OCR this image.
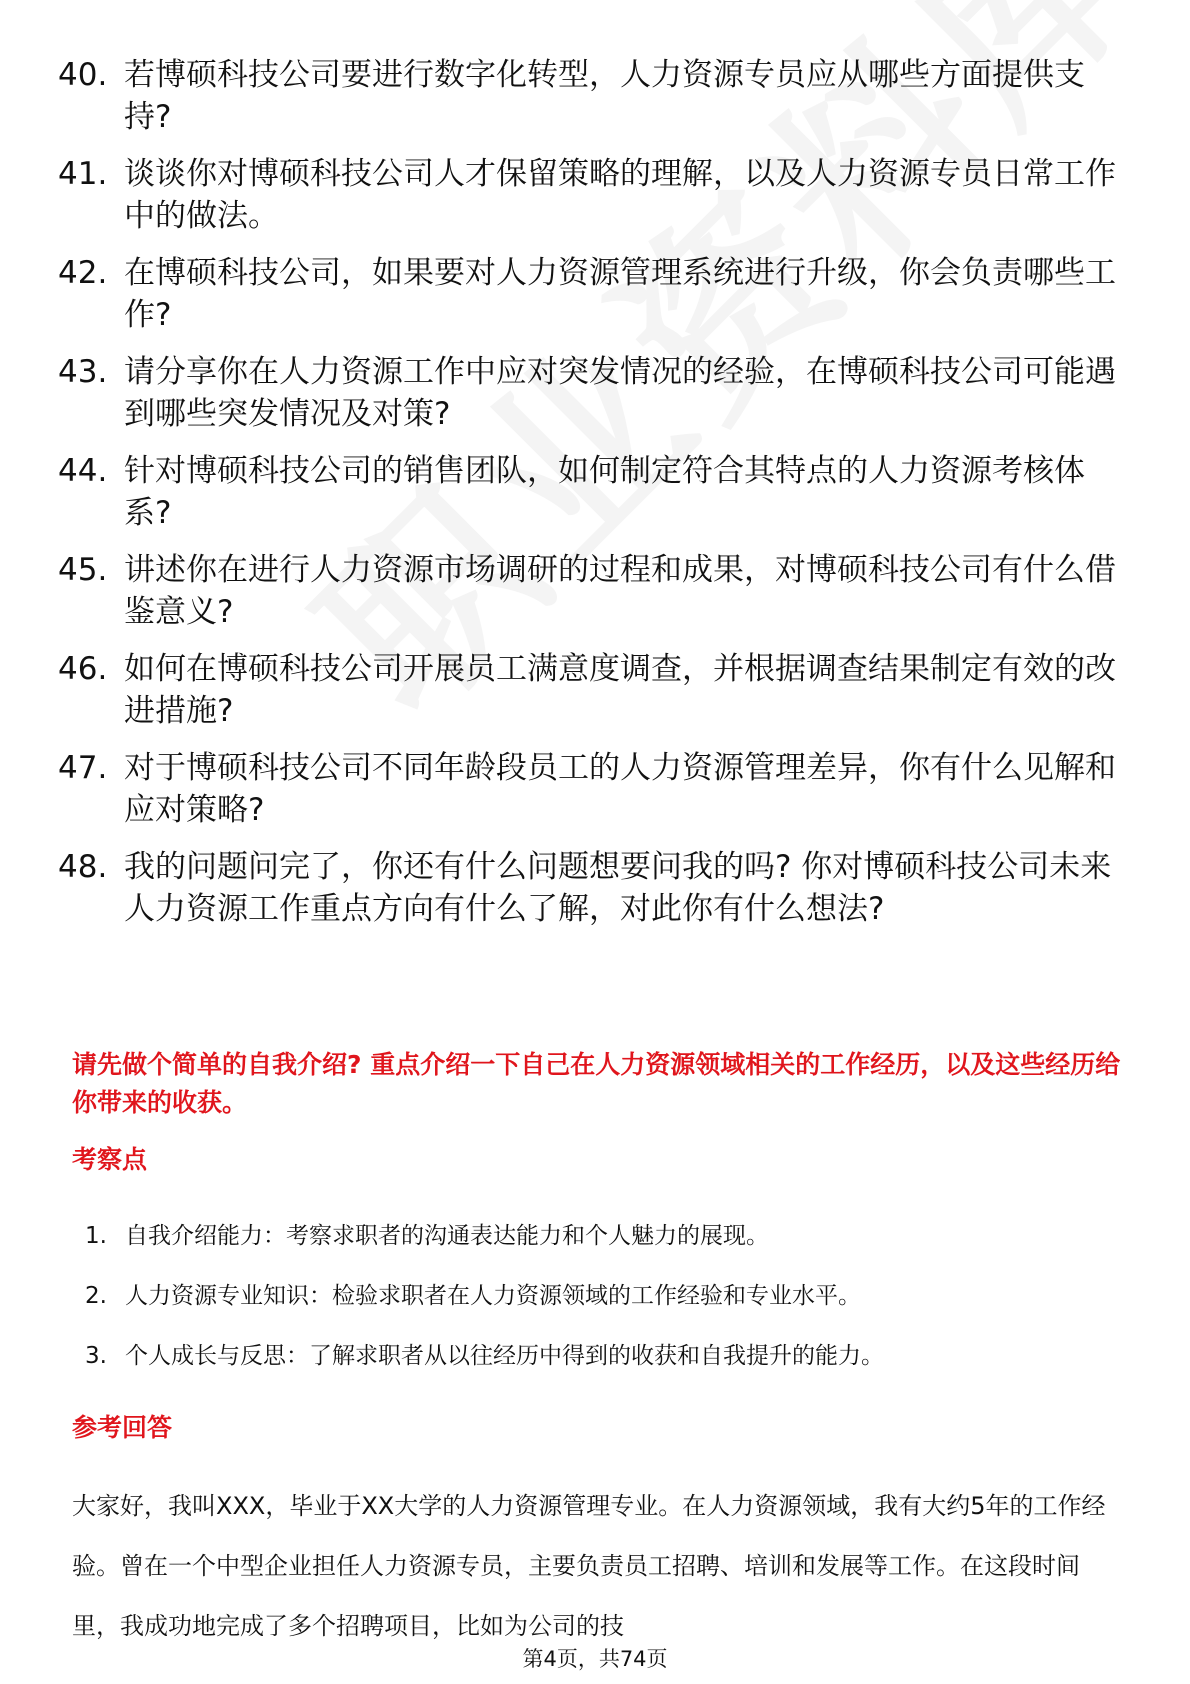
40. 若博硕科技公司要进行数字化转型，人力资源专员应从哪些方面提供支持?
41. 谈谈你对博硕科技公司人才保留策略的理解，以及人力资源专员日常工作中的做法。
42. 在博硕科技公司，如果要对人力资源管理系统进行升级，你会负责哪些工作?
43. 请分享你在人力资源工作中应对突发情况的经验，在博硕科技公司可能遇到哪些突发情况及对策?
44. 针对博硕科技公司的销售团队，如何制定符合其特点的人力资源考核体系?
45. 讲述你在进行人力资源市场调研的过程和成果，对博硕科技公司有什么借鉴意义?
46. 如何在博硕科技公司开展员工满意度调查，并根据调查结果制定有效的改进措施?
47. 对于博硕科技公司不同年龄段员工的人力资源管理差异，你有什么见解和应对策略?
48. 我的问题问完了，你还有什么问题想要问我的吗? 你对博硕科技公司未来人力资源工作重点方向有什么了解，对此你有什么想法?
请先做个简单的自我介绍? 重点介绍一下自己在人力资源领域相关的工作经历，以及这些经历给你带来的收获。
考察点
1. 自我介绍能力：考察求职者的沟通表达能力和个人魅力的展现。
2. 人力资源专业知识：检验求职者在人力资源领域的工作经验和专业水平。
3. 个人成长与反思：了解求职者从以往经历中得到的收获和自我提升的能力。
参考回答
大家好，我叫XXX，毕业于XX大学的人力资源管理专业。在人力资源领域，我有大约5年的工作经验。曾在一个中型企业担任人力资源专员，主要负责员工招聘、培训和发展等工作。在这段时间里，我成功地完成了多个招聘项目，比如为公司的技
第4页，共74页
